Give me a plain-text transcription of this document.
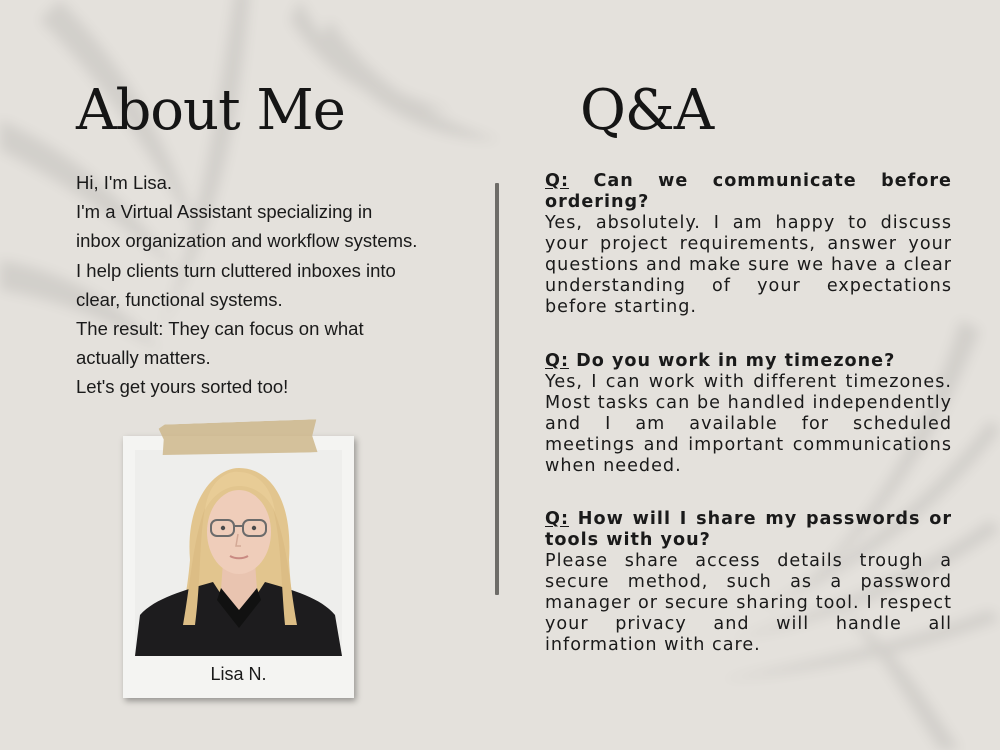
About Me	Q&A
Hi, I'm Lisa.
I'm a Virtual Assistant specializing in
inbox organization and workflow systems.
I help clients turn cluttered inboxes into
clear, functional systems.
The result: They can focus on what
actually matters.
Let's get yours sorted too!
Lisa N.
Q: Can we communicate before ordering?
Yes, absolutely. I am happy to discuss your project requirements, answer your questions and make sure we have a clear understanding of your expectations before starting.
Q: Do you work in my timezone?
Yes, I can work with different timezones. Most tasks can be handled independently and I am available for scheduled meetings and important communications when needed.
Q: How will I share my passwords or tools with you?
Please share access details trough a secure method, such as a password manager or secure sharing tool. I respect your privacy and will handle all information with care.
